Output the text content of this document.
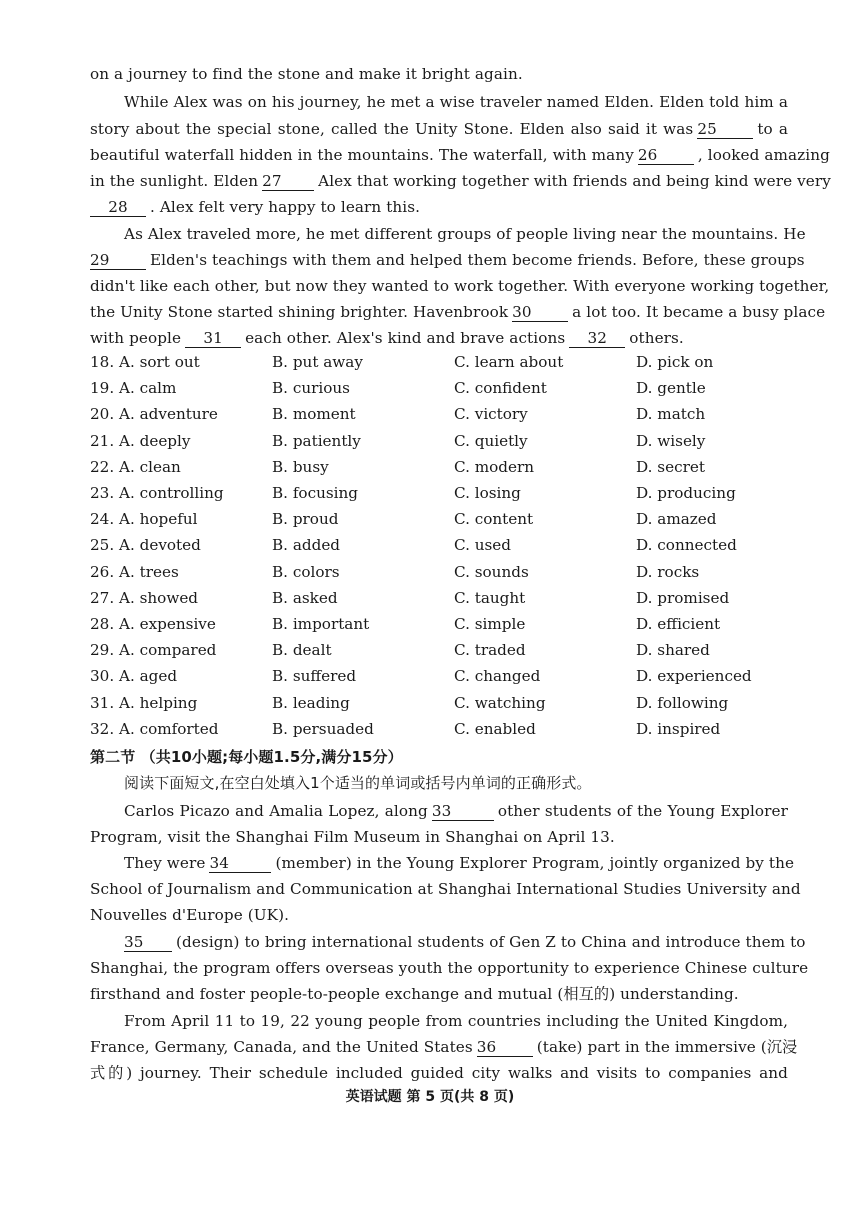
on a journey to find the stone and make it bright again.
While Alex was on his journey, he met a wise traveler named Elden. Elden told him a
story about the special stone, called the Unity Stone. Elden also said it was 25	to a
beautiful waterfall hidden in the mountains. The waterfall, with many 26	, looked amazing
in the sunlight. Elden 27 Alex that working together with friends and being kind were very
28 . Alex felt very happy to learn this.
As Alex traveled more, he met different groups of people living near the mountains. He
29	Elden's teachings with them and helped them become friends. Before, these groups
didn't like each other, but now they wanted to work together. With everyone working together,
the Unity Stone started shining brighter. Havenbrook 30	a lot too. It became a busy place
with people 31 each other. Alex's kind and brave actions 32 others.
18. A. sort out	B. put away	C. learn about	D. pick on
19. A. calm	B. curious	C. confident	D. gentle
20. A. adventure	B. moment	C. victory	D. match
21. A. deeply	B. patiently	C. quietly	D. wisely
22. A. clean	B. busy	C. modern	D. secret
23. A. controlling	B. focusing	C. losing	D. producing
24. A. hopeful	B. proud	C. content	D. amazed
25. A. devoted	B. added	C. used	D. connected
26. A. trees	B. colors	C. sounds	D. rocks
27. A. showed	B. asked	C. taught	D. promised
28. A. expensive	B. important	C. simple	D. efficient
29. A. compared	B. dealt	C. traded	D. shared
30. A. aged	B. suffered	C. changed	D. experienced
31. A. helping	B. leading	C. watching	D. following
32. A. comforted	B. persuaded	C. enabled	D. inspired
第二节 （共10小题;每小题1.5分,满分15分）
阅读下面短文,在空白处填入1个适当的单词或括号内单词的正确形式。
Carlos Picazo and Amalia Lopez, along 33	other students of the Young Explorer
Program, visit the Shanghai Film Museum in Shanghai on April 13.
They were 34	(member) in the Young Explorer Program, jointly organized by the
School of Journalism and Communication at Shanghai International Studies University and
Nouvelles d'Europe (UK).
35 (design) to bring international students of Gen Z to China and introduce them to
Shanghai, the program offers overseas youth the opportunity to experience Chinese culture
firsthand and foster people-to-people exchange and mutual (相互的) understanding.
From April 11 to 19, 22 young people from countries including the United Kingdom,
France, Germany, Canada, and the United States 36	(take) part in the immersive (沉浸
式的) journey. Their schedule included guided city walks and visits to companies and
英语试题 第 5 页(共 8 页)
